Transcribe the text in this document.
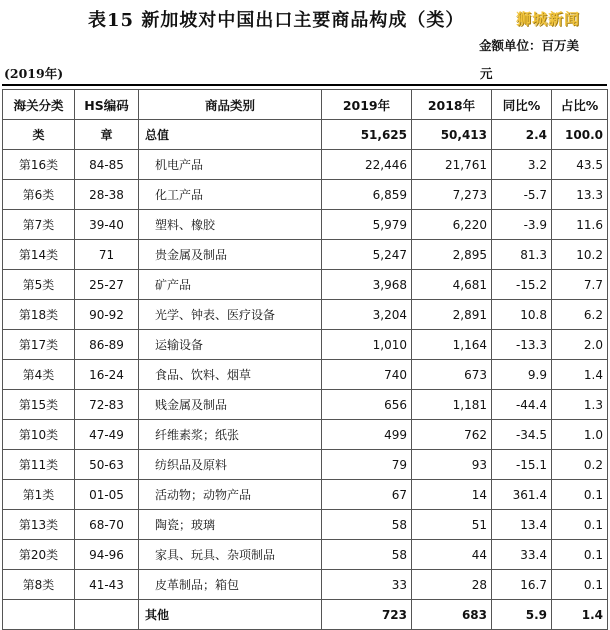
表15 新加坡对中国出口主要商品构成（类）	狮城新闻
金额单位：百万美
(2019年)	元
海关分类	HS编码	商品类别	2019年	2018年	同比%	占比%
类	章	总值	51,625	50,413	2.4	100.0
第16类	84-85	机电产品	22,446	21,761	3.2	43.5
第6类	28-38	化工产品	6,859	7,273	-5.7	13.3
第7类	39-40	塑料、橡胶	5,979	6,220	-3.9	11.6
第14类	71	贵金属及制品	5,247	2,895	81.3	10.2
第5类	25-27	矿产品	3,968	4,681	-15.2	7.7
第18类	90-92	光学、钟表、医疗设备	3,204	2,891	10.8	6.2
第17类	86-89	运输设备	1,010	1,164	-13.3	2.0
第4类	16-24	食品、饮料、烟草	740	673	9.9	1.4
第15类	72-83	贱金属及制品	656	1,181	-44.4	1.3
第10类	47-49	纤维素浆；纸张	499	762	-34.5	1.0
第11类	50-63	纺织品及原料	79	93	-15.1	0.2
第1类	01-05	活动物；动物产品	67	14	361.4	0.1
第13类	68-70	陶瓷；玻璃	58	51	13.4	0.1
第20类	94-96	家具、玩具、杂项制品	58	44	33.4	0.1
第8类	41-43	皮革制品；箱包	33	28	16.7	0.1
		其他	723	683	5.9	1.4
